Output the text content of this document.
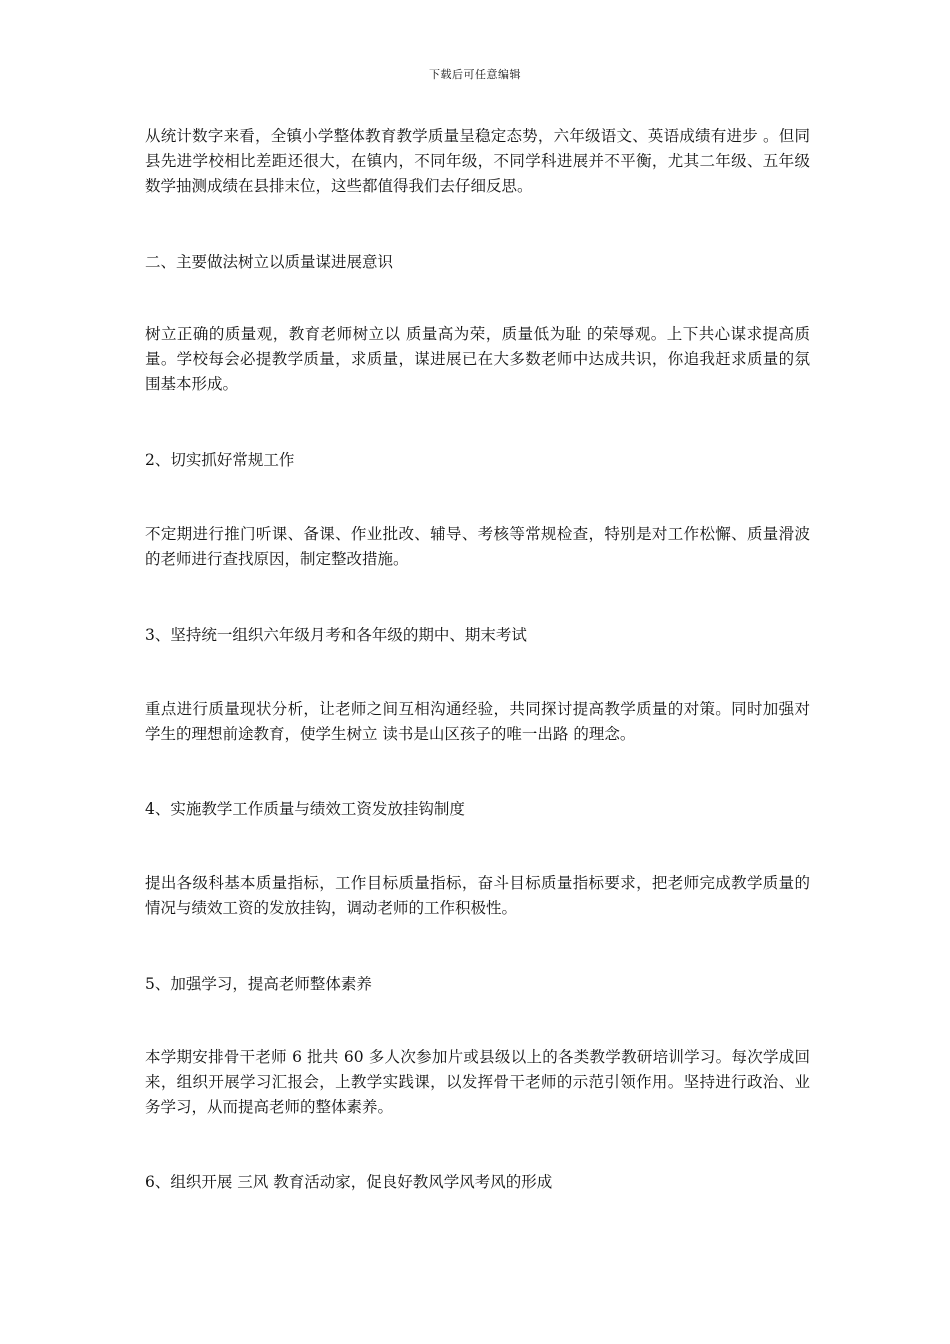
下载后可任意编辑

从统计数字来看，全镇小学整体教育教学质量呈稳定态势，六年级语文、英语成绩有进步 。但同县先进学校相比差距还很大，在镇内，不同年级，不同学科进展并不平衡，尤其二年级、五年级数学抽测成绩在县排末位，这些都值得我们去仔细反思。

二、主要做法树立以质量谋进展意识

树立正确的质量观，教育老师树立以 质量高为荣，质量低为耻 的荣辱观。上下共心谋求提高质量。学校每会必提教学质量，求质量，谋进展已在大多数老师中达成共识，你追我赶求质量的氛围基本形成。

2、切实抓好常规工作

不定期进行推门听课、备课、作业批改、辅导、考核等常规检查，特别是对工作松懈、质量滑波的老师进行查找原因，制定整改措施。

3、坚持统一组织六年级月考和各年级的期中、期末考试

重点进行质量现状分析，让老师之间互相沟通经验，共同探讨提高教学质量的对策。同时加强对学生的理想前途教育，使学生树立 读书是山区孩子的唯一出路 的理念。

4、实施教学工作质量与绩效工资发放挂钩制度

提出各级科基本质量指标，工作目标质量指标，奋斗目标质量指标要求，把老师完成教学质量的情况与绩效工资的发放挂钩，调动老师的工作积极性。

5、加强学习，提高老师整体素养

本学期安排骨干老师 6 批共 60 多人次参加片或县级以上的各类教学教研培训学习。每次学成回来，组织开展学习汇报会，上教学实践课，以发挥骨干老师的示范引领作用。坚持进行政治、业务学习，从而提高老师的整体素养。

6、组织开展 三风 教育活动家，促良好教风学风考风的形成
